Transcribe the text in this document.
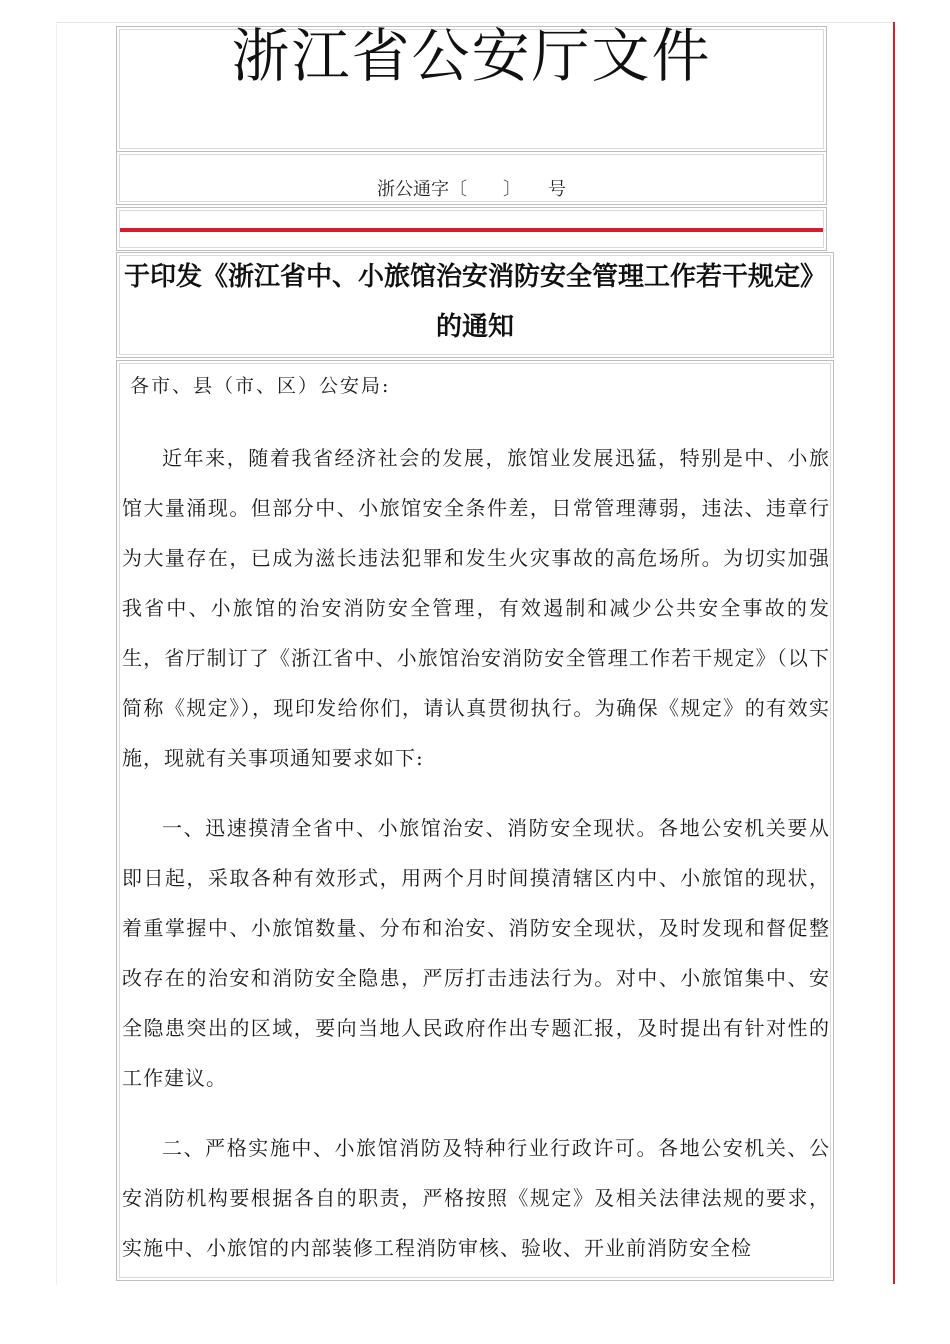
浙江省公安厅文件
浙公通字〔　　〕　　号
于印发《浙江省中、小旅馆治安消防安全管理工作若干规定》的通知
各市、县（市、区）公安局:
近年来，随着我省经济社会的发展，旅馆业发展迅猛，特别是中、小旅馆大量涌现。但部分中、小旅馆安全条件差，日常管理薄弱，违法、违章行为大量存在，已成为滋长违法犯罪和发生火灾事故的高危场所。为切实加强我省中、小旅馆的治安消防安全管理，有效遏制和减少公共安全事故的发生，省厅制订了《浙江省中、小旅馆治安消防安全管理工作若干规定》（以下简称《规定》），现印发给你们，请认真贯彻执行。为确保《规定》的有效实施，现就有关事项通知要求如下:
一、迅速摸清全省中、小旅馆治安、消防安全现状。各地公安机关要从即日起，采取各种有效形式，用两个月时间摸清辖区内中、小旅馆的现状，着重掌握中、小旅馆数量、分布和治安、消防安全现状，及时发现和督促整改存在的治安和消防安全隐患，严厉打击违法行为。对中、小旅馆集中、安全隐患突出的区域，要向当地人民政府作出专题汇报，及时提出有针对性的工作建议。
二、严格实施中、小旅馆消防及特种行业行政许可。各地公安机关、公安消防机构要根据各自的职责，严格按照《规定》及相关法律法规的要求，实施中、小旅馆的内部装修工程消防审核、验收、开业前消防安全检
